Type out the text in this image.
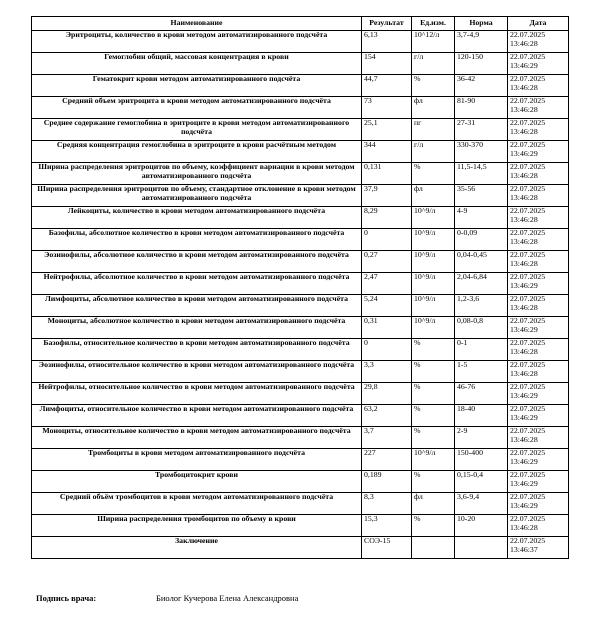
Наименование	Результат	Ед.изм.	Норма	Дата
Эритроциты, количество в крови методом автоматизированного подсчёта	6,13	10^12/л	3,7-4,9	22.07.2025
13:46:28

Гемоглобин общий, массовая концентрация в крови	154	г/л	120-150	22.07.2025
13:46:29

Гематокрит крови методом автоматизированного подсчёта	44,7	%	36-42	22.07.2025
13:46:28

Средний объем эритроцита в крови методом автоматизированного подсчёта	73	фл	81-90	22.07.2025
13:46:28

Среднее содержание гемоглобина в эритроците в крови методом автоматизированного подсчёта	25,1	пг	27-31	22.07.2025
13:46:28

Средняя концентрация гемоглобина в эритроците в крови расчётным методом	344	г/л	330-370	22.07.2025
13:46:29

Ширина распределения эритроцитов по объему, коэффициент вариации в крови методом автоматизированного подсчёта	0,131	%	11,5-14,5	22.07.2025
13:46:28

Ширина распределения эритроцитов по объему, стандартное отклонение в крови методом автоматизированного подсчёта	37,9	фл	35-56	22.07.2025
13:46:28

Лейкоциты, количество в крови методом автоматизированного подсчёта	8,29	10^9/л	4-9	22.07.2025
13:46:28

Базофилы, абсолютное количество в крови методом автоматизированного подсчёта	0	10^9/л	0-0,09	22.07.2025
13:46:28

Эозинофилы, абсолютное количество в крови методом автоматизированного подсчёта	0,27	10^9/л	0,04-0,45	22.07.2025
13:46:28

Нейтрофилы, абсолютное количество в крови методом автоматизированного подсчёта	2,47	10^9/л	2,04-6,84	22.07.2025
13:46:29

Лимфоциты, абсолютное количество в крови методом автоматизированного подсчёта	5,24	10^9/л	1,2-3,6	22.07.2025
13:46:28

Моноциты, абсолютное количество в крови методом автоматизированного подсчёта	0,31	10^9/л	0,08-0,8	22.07.2025
13:46:29

Базофилы, относительное количество в крови методом автоматизированного подсчёта	0	%	0-1	22.07.2025
13:46:28

Эозинофилы, относительное количество в крови методом автоматизированного подсчёта	3,3	%	1-5	22.07.2025
13:46:28

Нейтрофилы, относительное количество в крови методом автоматизированного подсчёта	29,8	%	46-76	22.07.2025
13:46:29

Лимфоциты, относительное количество в крови методом автоматизированного подсчёта	63,2	%	18-40	22.07.2025
13:46:29

Моноциты, относительное количество в крови методом автоматизированного подсчёта	3,7	%	2-9	22.07.2025
13:46:28

Тромбоциты в крови методом автоматизированного подсчёта	227	10^9/л	150-400	22.07.2025
13:46:29

Тромбоцитокрит крови	0,189	%	0,15-0,4	22.07.2025
13:46:29

Средний объём тромбоцитов в крови методом автоматизированного подсчёта	8,3	фл	3,6-9,4	22.07.2025
13:46:29

Ширина распределения тромбоцитов по объему в крови	15,3	%	10-20	22.07.2025
13:46:28

Заключение	СОЭ-15			22.07.2025
13:46:37
Подпись врача:	Биолог Кучерова Елена Александровна
